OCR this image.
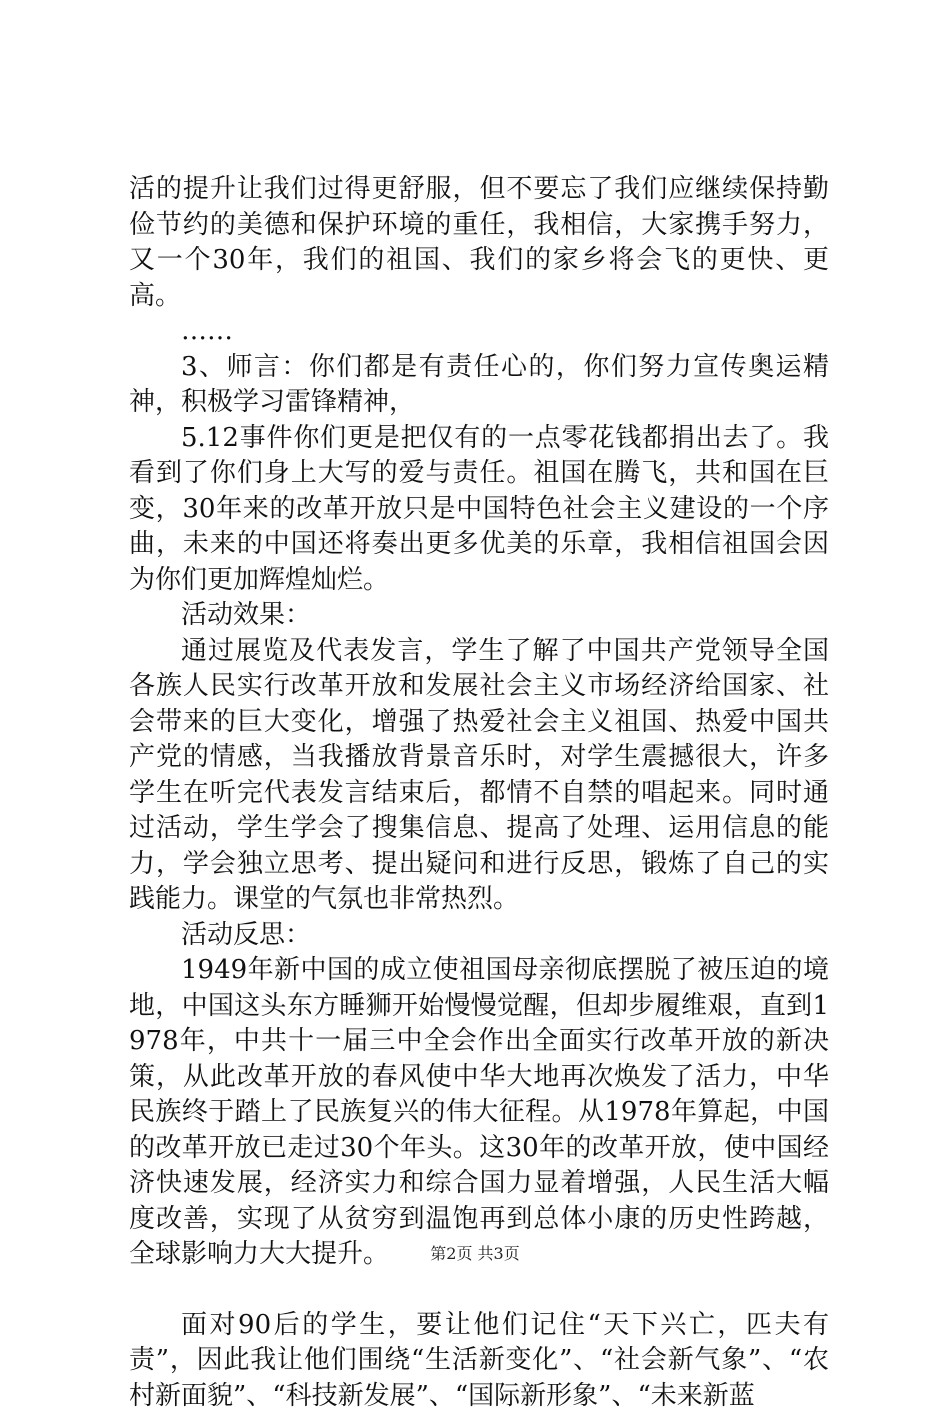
活的提升让我们过得更舒服，但不要忘了我们应继续保持勤俭节约的美德和保护环境的重任，我相信，大家携手努力，又一个30年，我们的祖国、我们的家乡将会飞的更快、更高。

……

3、师言：你们都是有责任心的，你们努力宣传奥运精神，积极学习雷锋精神，

5.12事件你们更是把仅有的一点零花钱都捐出去了。我看到了你们身上大写的爱与责任。祖国在腾飞，共和国在巨变，30年来的改革开放只是中国特色社会主义建设的一个序曲，未来的中国还将奏出更多优美的乐章，我相信祖国会因为你们更加辉煌灿烂。

活动效果：

通过展览及代表发言，学生了解了中国共产党领导全国各族人民实行改革开放和发展社会主义市场经济给国家、社会带来的巨大变化，增强了热爱社会主义祖国、热爱中国共产党的情感，当我播放背景音乐时，对学生震撼很大，许多学生在听完代表发言结束后，都情不自禁的唱起来。同时通过活动，学生学会了搜集信息、提高了处理、运用信息的能力，学会独立思考、提出疑问和进行反思，锻炼了自己的实践能力。课堂的气氛也非常热烈。

活动反思：

1949年新中国的成立使祖国母亲彻底摆脱了被压迫的境地，中国这头东方睡狮开始慢慢觉醒，但却步履维艰，直到1978年，中共十一届三中全会作出全面实行改革开放的新决策，从此改革开放的春风使中华大地再次焕发了活力，中华民族终于踏上了民族复兴的伟大征程。从1978年算起，中国的改革开放已走过30个年头。这30年的改革开放，使中国经济快速发展，经济实力和综合国力显着增强，人民生活大幅度改善，实现了从贫穷到温饱再到总体小康的历史性跨越，全球影响力大大提升。

面对90后的学生，要让他们记住“天下兴亡，匹夫有责”，因此我让他们围绕“生活新变化”、“社会新气象”、“农村新面貌”、“科技新发展”、“国际新形象”、“未来新蓝

第2页 共3页
